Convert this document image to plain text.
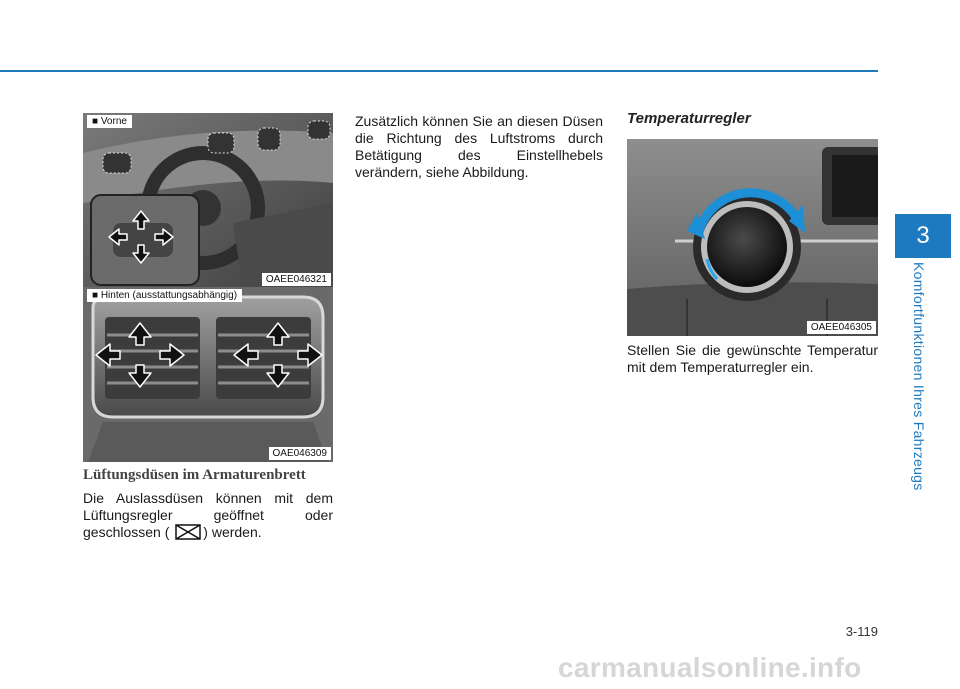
3
Komfortfunktionen Ihres Fahrzeugs
■ Vorne
OAEE046321
■ Hinten (ausstattungsabhängig)
OAE046309
Lüftungsdüsen im Armaturenbrett

Die Auslassdüsen können mit dem Lüftungsregler geöffnet oder geschlossen ( ) werden.

Zusätzlich können Sie an diesen Düsen die Richtung des Luftstroms durch Betätigung des Einstellhebels verändern, siehe Abbildung.

Temperaturregler
OAEE046305

Stellen Sie die gewünschte Temperatur mit dem Temperaturregler ein.

3-119
carmanualsonline.info
